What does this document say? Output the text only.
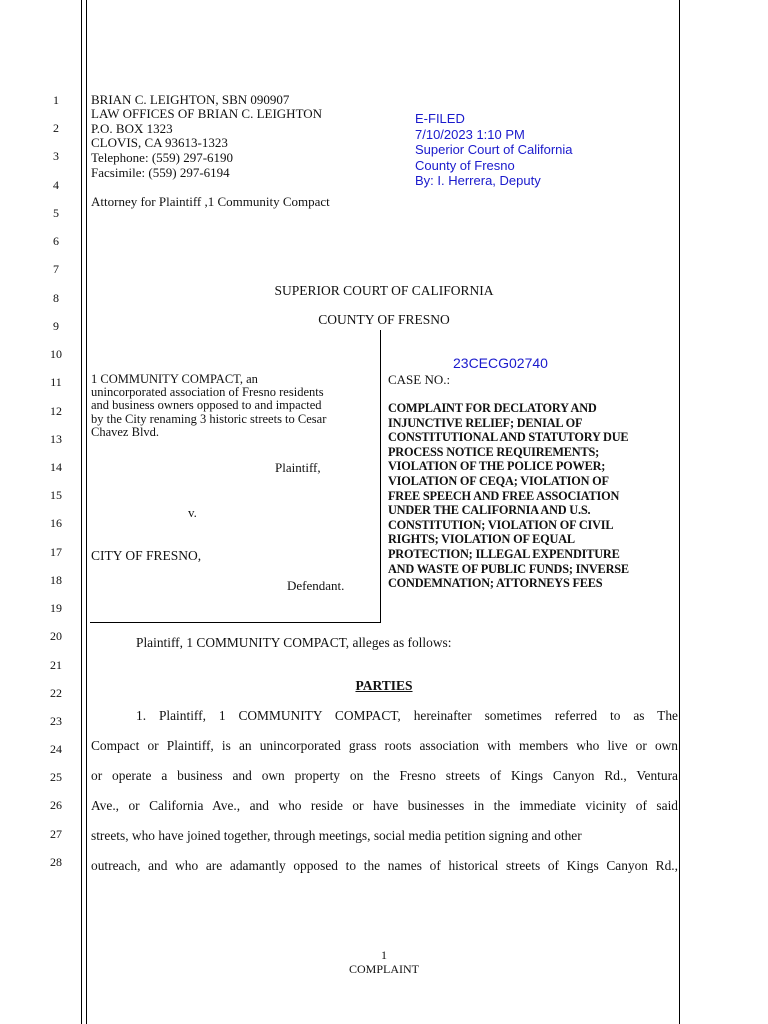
1
2
3
4
5
6
7
8
9
10
11
12
13
14
15
16
17
18
19
20
21
22
23
24
25
26
27
28
BRIAN C. LEIGHTON, SBN 090907
LAW OFFICES OF BRIAN C. LEIGHTON
P.O. BOX 1323
CLOVIS, CA 93613-1323
Telephone: (559) 297-6190
Facsimile: (559) 297-6194
Attorney for Plaintiff ,1 Community Compact
E-FILED
7/10/2023 1:10 PM
Superior Court of California
County of Fresno
By: I. Herrera, Deputy
SUPERIOR COURT OF CALIFORNIA
COUNTY OF FRESNO
1 COMMUNITY COMPACT, an
unincorporated association of Fresno residents
and business owners opposed to and impacted
by the City renaming 3 historic streets to Cesar
Chavez Blvd.
Plaintiff,
v.
CITY OF FRESNO,
Defendant.
23CECG02740
CASE NO.:
COMPLAINT FOR DECLATORY AND
INJUNCTIVE RELIEF; DENIAL OF
CONSTITUTIONAL AND STATUTORY DUE
PROCESS NOTICE REQUIREMENTS;
VIOLATION OF THE POLICE POWER;
VIOLATION OF CEQA; VIOLATION OF
FREE SPEECH AND FREE ASSOCIATION
UNDER THE CALIFORNIA AND U.S.
CONSTITUTION; VIOLATION OF CIVIL
RIGHTS; VIOLATION OF EQUAL
PROTECTION; ILLEGAL EXPENDITURE
AND WASTE OF PUBLIC FUNDS; INVERSE
CONDEMNATION; ATTORNEYS FEES
Plaintiff, 1 COMMUNITY COMPACT, alleges as follows:
PARTIES
1. Plaintiff, 1 COMMUNITY COMPACT, hereinafter sometimes referred to as The
Compact or Plaintiff, is an unincorporated grass roots association with members who live or own
or operate a business and own property on the Fresno streets of Kings Canyon Rd., Ventura
Ave., or California Ave., and who reside or have businesses in the immediate vicinity of said
streets, who have joined together, through meetings, social media petition signing and other
outreach, and who are adamantly opposed to the names of historical streets of Kings Canyon Rd.,
1
COMPLAINT
